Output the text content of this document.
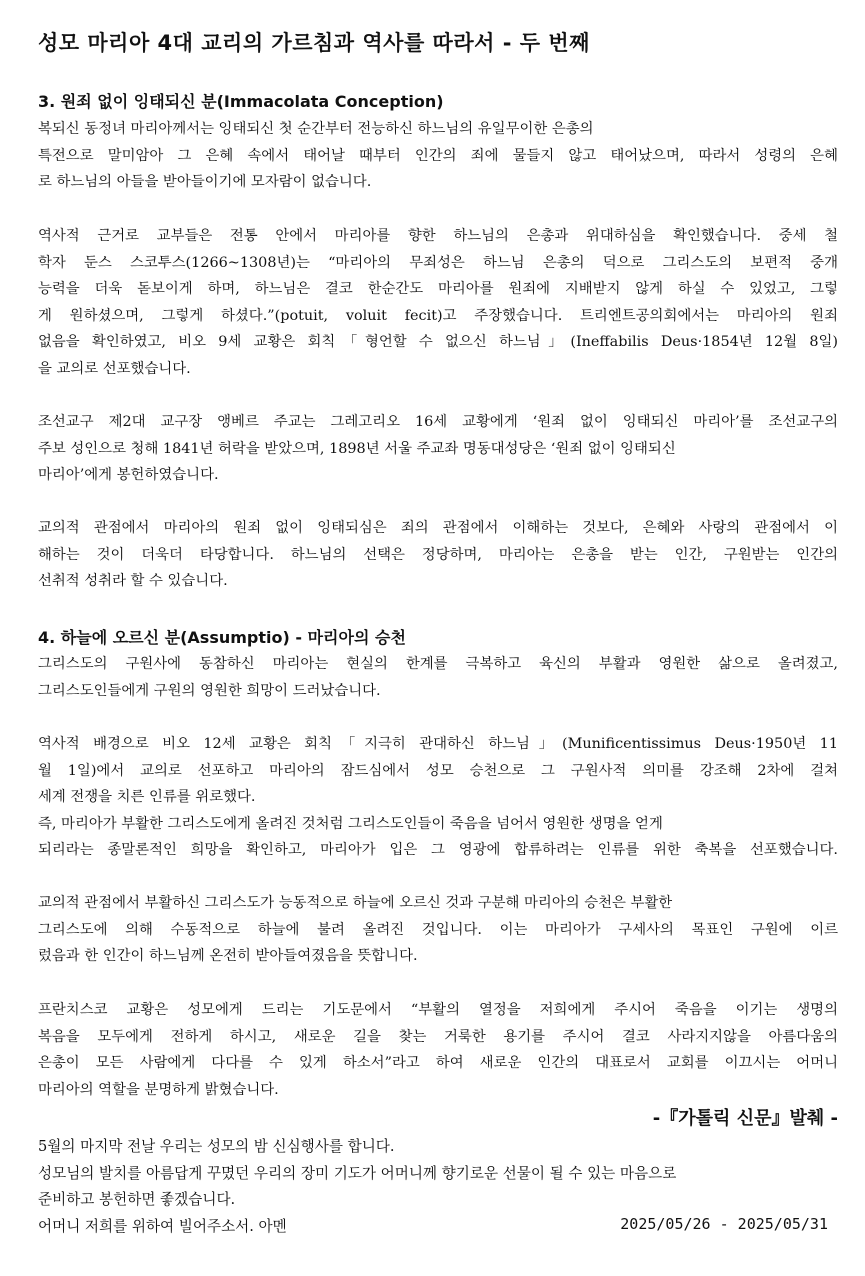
성모 마리아 4대 교리의 가르침과 역사를 따라서 - 두 번째
3. 원죄 없이 잉태되신 분(Immacolata Conception)
복되신 동정녀 마리아께서는 잉태되신 첫 순간부터 전능하신 하느님의 유일무이한 은총의
특전으로 말미암아 그 은혜 속에서 태어날 때부터 인간의 죄에 물들지 않고 태어났으며, 따라서 성령의 은혜
로 하느님의 아들을 받아들이기에 모자람이 없습니다.
역사적 근거로 교부들은 전통 안에서 마리아를 향한 하느님의 은총과 위대하심을 확인했습니다. 중세 철
학자 둔스 스코투스(1266~1308년)는 “마리아의 무죄성은 하느님 은총의 덕으로 그리스도의 보편적 중개
능력을 더욱 돋보이게 하며, 하느님은 결코 한순간도 마리아를 원죄에 지배받지 않게 하실 수 있었고, 그렇
게 원하셨으며, 그렇게 하셨다.”(potuit, voluit fecit)고 주장했습니다. 트리엔트공의회에서는 마리아의 원죄
없음을 확인하였고, 비오 9세 교황은 회칙「형언할 수 없으신 하느님」(Ineffabilis Deus·1854년 12월 8일)
을 교의로 선포했습니다.
조선교구 제2대 교구장 앵베르 주교는 그레고리오 16세 교황에게 ‘원죄 없이 잉태되신 마리아’를 조선교구의
주보 성인으로 청해 1841년 허락을 받았으며, 1898년 서울 주교좌 명동대성당은 ‘원죄 없이 잉태되신
마리아’에게 봉헌하였습니다.
교의적 관점에서 마리아의 원죄 없이 잉태되심은 죄의 관점에서 이해하는 것보다, 은혜와 사랑의 관점에서 이
해하는 것이 더욱더 타당합니다. 하느님의 선택은 정당하며, 마리아는 은총을 받는 인간, 구원받는 인간의
선취적 성취라 할 수 있습니다.
4. 하늘에 오르신 분(Assumptio) - 마리아의 승천
그리스도의 구원사에 동참하신 마리아는 현실의 한계를 극복하고 육신의 부활과 영원한 삶으로 올려졌고,
그리스도인들에게 구원의 영원한 희망이 드러났습니다.
역사적 배경으로 비오 12세 교황은 회칙「지극히 관대하신 하느님」(Munificentissimus Deus·1950년 11
월 1일)에서 교의로 선포하고 마리아의 잠드심에서 성모 승천으로 그 구원사적 의미를 강조해 2차에 걸쳐
세계 전쟁을 치른 인류를 위로했다.
즉, 마리아가 부활한 그리스도에게 올려진 것처럼 그리스도인들이 죽음을 넘어서 영원한 생명을 얻게
되리라는 종말론적인 희망을 확인하고, 마리아가 입은 그 영광에 합류하려는 인류를 위한 축복을 선포했습니다.
교의적 관점에서 부활하신 그리스도가 능동적으로 하늘에 오르신 것과 구분해 마리아의 승천은 부활한
그리스도에 의해 수동적으로 하늘에 불려 올려진 것입니다. 이는 마리아가 구세사의 목표인 구원에 이르
렀음과 한 인간이 하느님께 온전히 받아들여졌음을 뜻합니다.
프란치스코 교황은 성모에게 드리는 기도문에서 “부활의 열정을 저희에게 주시어 죽음을 이기는 생명의
복음을 모두에게 전하게 하시고, 새로운 길을 찾는 거룩한 용기를 주시어 결코 사라지지않을 아름다움의
은총이 모든 사람에게 다다를 수 있게 하소서”라고 하여 새로운 인간의 대표로서 교회를 이끄시는 어머니
마리아의 역할을 분명하게 밝혔습니다.
-『가톨릭 신문』발췌 -
5월의 마지막 전날 우리는 성모의 밤 신심행사를 합니다.
성모님의 발치를 아름답게 꾸몄던 우리의 장미 기도가 어머니께 향기로운 선물이 될 수 있는 마음으로
준비하고 봉헌하면 좋겠습니다.
어머니 저희를 위하여 빌어주소서. 아멘	2025/05/26 - 2025/05/31
